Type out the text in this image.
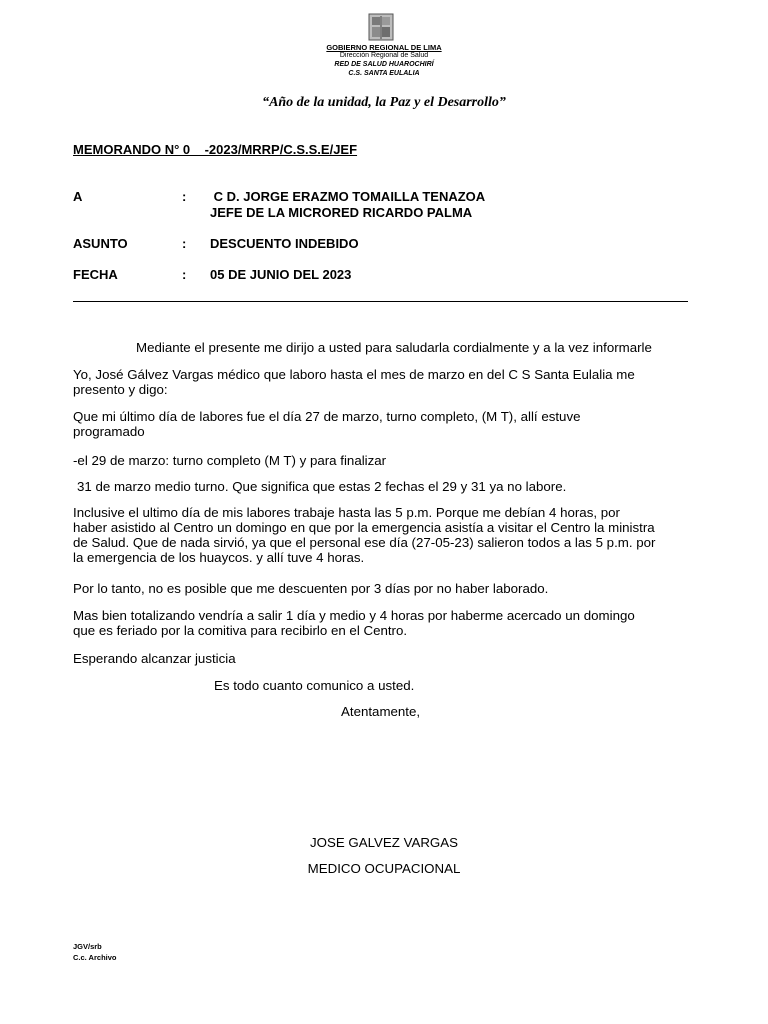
GOBIERNO REGIONAL DE LIMA
Dirección Regional de Salud
RED DE SALUD HUAROCHIRÍ
C.S. SANTA EULALIA
“Año de la unidad, la Paz y el Desarrollo”
MEMORANDO N° 0    -2023/MRRP/C.S.S.E/JEF
A	: C D. JORGE ERAZMO TOMAILLA TENAZOA
JEFE DE LA MICRORED RICARDO PALMA
ASUNTO	: DESCUENTO INDEBIDO
FECHA	: 05 DE JUNIO DEL 2023
Mediante el presente me dirijo a usted para saludarla cordialmente y a la vez informarle
Yo, José Gálvez Vargas médico que laboro hasta el mes de marzo en del C S Santa Eulalia me
presento y digo:
Que mi último día de labores fue el día 27 de marzo, turno completo, (M T), allí estuve
programado
-el 29 de marzo: turno completo (M T) y para finalizar
31 de marzo medio turno. Que significa que estas 2 fechas el 29 y 31 ya no labore.
Inclusive el ultimo día de mis labores trabaje hasta las 5 p.m. Porque me debían 4 horas, por
haber asistido al Centro un domingo en que por la emergencia asistía a visitar el Centro la ministra
de Salud. Que de nada sirvió, ya que el personal ese día (27-05-23) salieron todos a las 5 p.m. por
la emergencia de los huaycos. y allí tuve 4 horas.
Por lo tanto, no es posible que me descuenten por 3 días por no haber laborado.
Mas bien totalizando vendría a salir 1 día y medio y 4 horas por haberme acercado un domingo
que es feriado por la comitiva para recibirlo en el Centro.
Esperando alcanzar justicia
Es todo cuanto comunico a usted.
Atentamente,
JOSE GALVEZ VARGAS
MEDICO OCUPACIONAL
JGV/srb
C.c. Archivo
